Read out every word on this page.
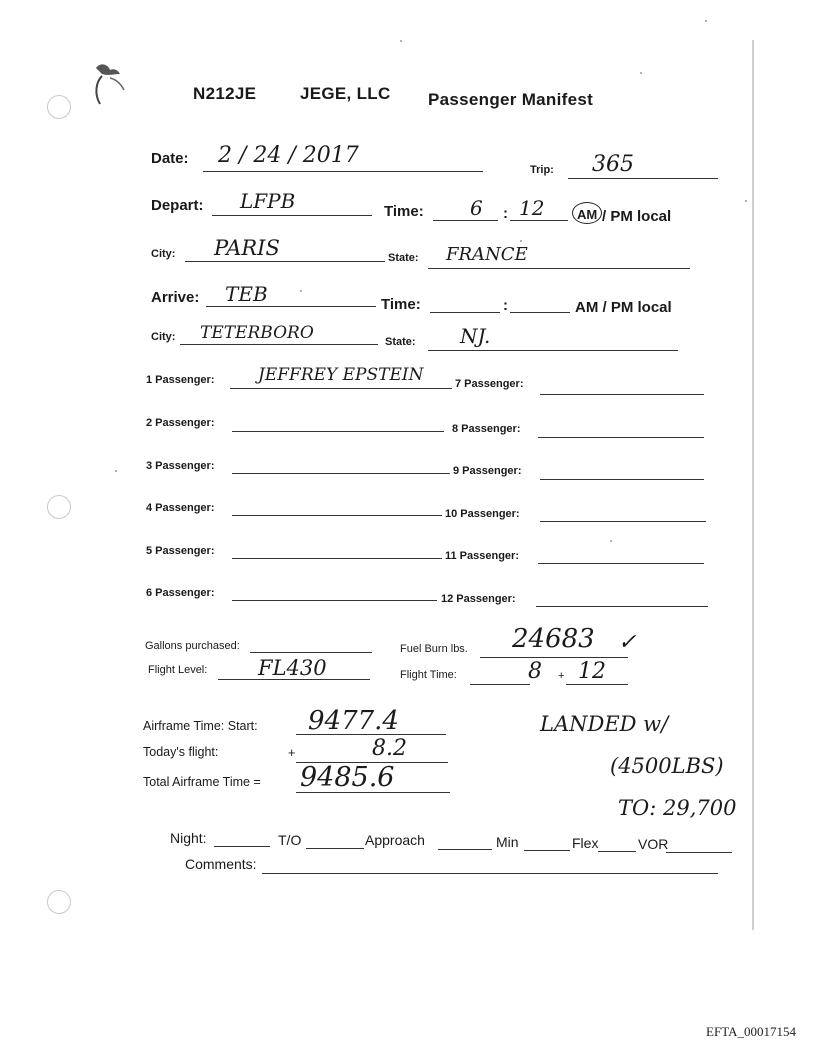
N212JE	JEGE, LLC Passenger Manifest
Date: 2 / 24 / 2017
Trip: 365
Depart: LFPB	Time: 6 : 12	AM / PM local
City: PARIS	State: FRANCE
Arrive: TEB	Time:	:	AM / PM local
City: TETERBORO	State: NJ.
1 Passenger:	JEFFREY EPSTEIN
2 Passenger:
3 Passenger:
4 Passenger:
5 Passenger:
6 Passenger:
7 Passenger:
8 Passenger:
9 Passenger:
10 Passenger:
11 Passenger:
12 Passenger:
Gallons purchased:	Fuel Burn lbs. 24683 ✓
Flight Level: FL430	Flight Time:	8 + 12
Airframe Time: Start: 9477.4
Today's flight:	+	8.2
Total Airframe Time = 9485.6
LANDED w/
(4500LBS)
TO: 29,700
Night:	T/O	Approach	Min	Flex	VOR
Comments:
EFTA_00017154
